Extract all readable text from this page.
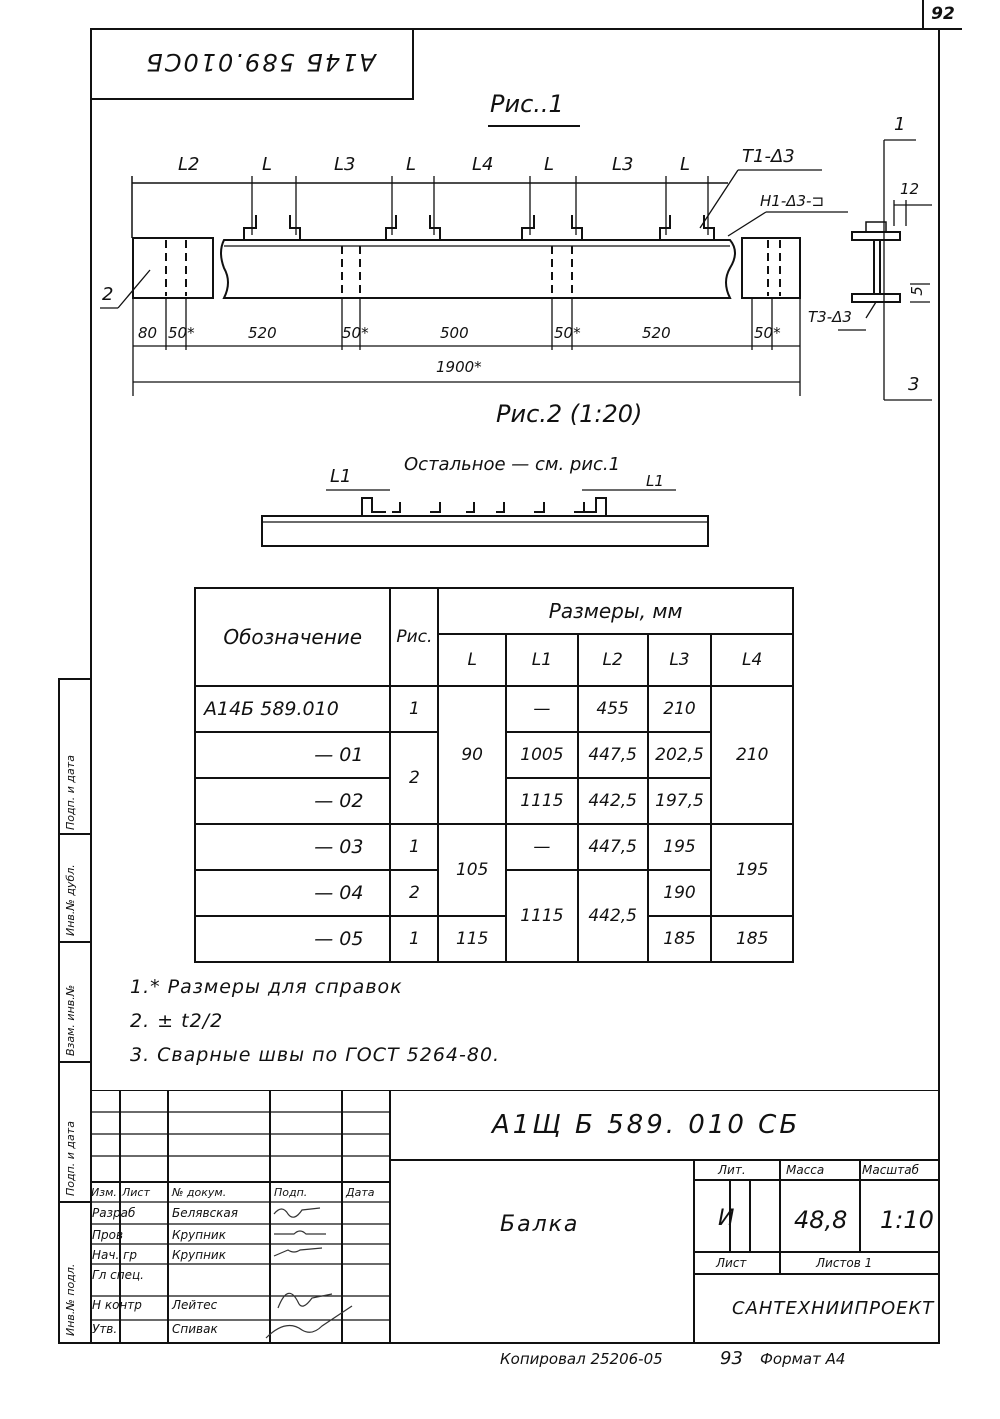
92
A14Б 589.010СБ
Рис..1
L2	L	L3	L	L4	L	L3	L	Т1-Δ3
Н1-Δ3-⊐
Т3-Δ3
1
2
3
12
5
80 50*	520	50*	500	50*	520	50*
1900*
Рис.2 (1:20)
Остальное — см. рис.1
L1	L1
Обозначение	Рис.	Размеры, мм				
		L	L1	L2	L3	L4
А14Б 589.010	1	90	—	455	210	210
— 01	2		1005	447,5	202,5	
— 02			1115	442,5	197,5	
— 03	1	105	—	447,5	195	195
— 04	2		1115	442,5	190	
— 05	1	115			185	185
1.* Размеры для справок
2. ± t2/2
3. Сварные швы по ГОСТ 5264-80.
Подп. и дата
Инв.№ дубл.
Взам. инв.№
Подп. и дата
Инв.№ подл.
А1Щ Б 589. 010 СБ
Балка
Лит.	Масса	Масштаб
И 48,8 1:10
Лист	Листов 1
САНТЕХНИИПРОЕКТ
Изм. Лист № докум.	Подп.	Дата
Разраб	Белявская
Пров	Крупник
Нач. гр	Крупник
Гл спец.
Н контр	Лейтес
Утв.	Спивак
Копировал 25206-05	93 Формат А4
